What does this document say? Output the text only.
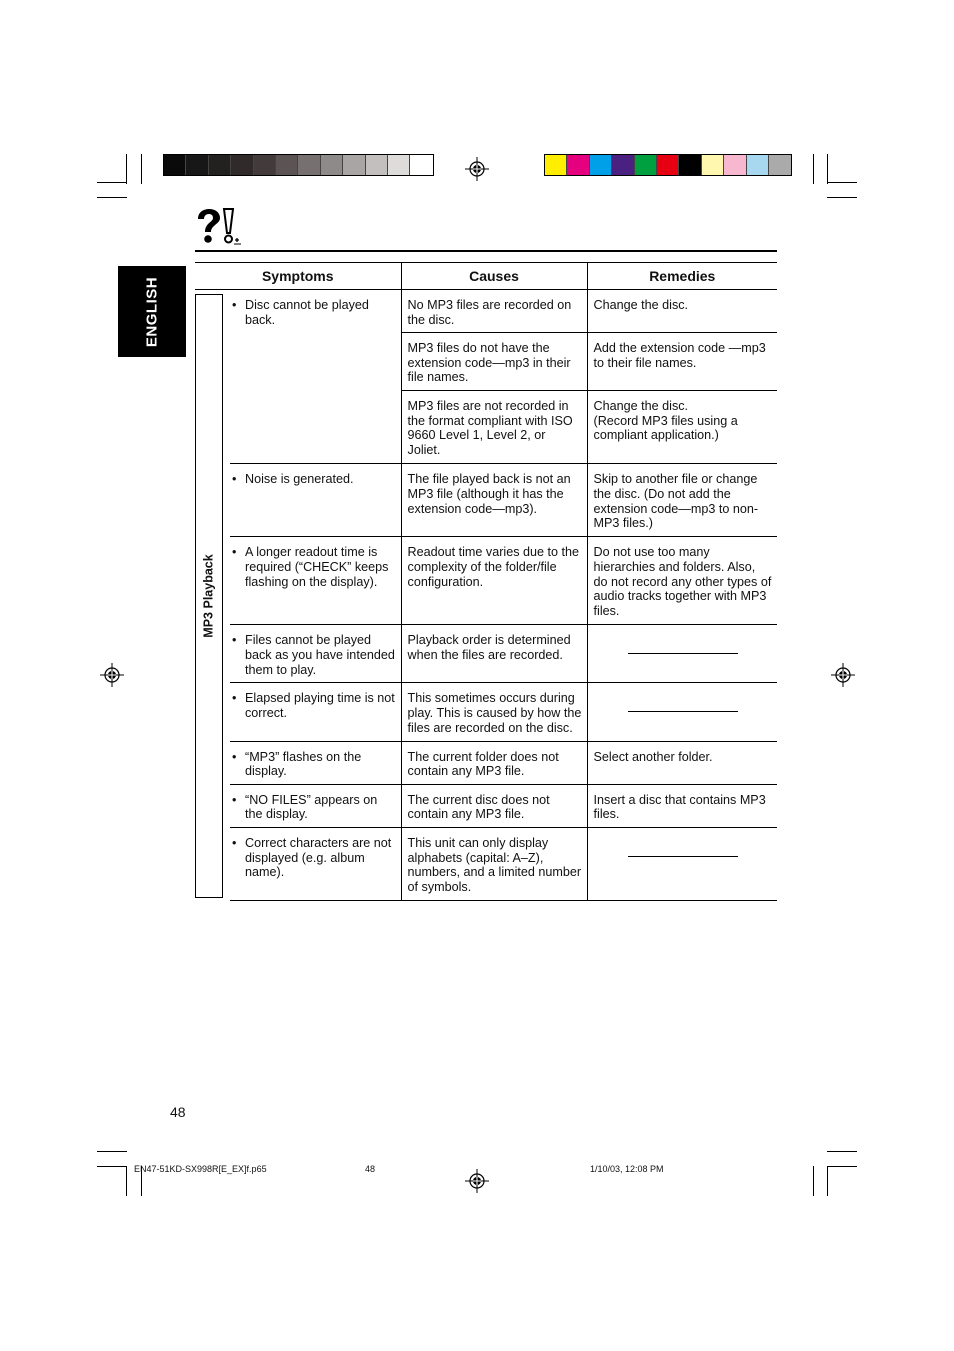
ENGLISH
Symptoms		Causes	Remedies

MP3 Playback	• Disc cannot be played back.	No MP3 files are recorded on the disc.	Change the disc.

		MP3 files do not have the extension code—mp3 in their file names.	Add the extension code —mp3 to their file names.

		MP3 files are not recorded in the format compliant with ISO 9660 Level 1, Level 2, or Joliet.	Change the disc.
(Record MP3 files using a compliant application.)

	• Noise is generated.	The file played back is not an MP3 file (although it has the extension code—mp3).	Skip to another file or change the disc. (Do not add the extension code—mp3 to non-MP3 files.)

	• A longer readout time is required (“CHECK” keeps flashing on the display).	Readout time varies due to the complexity of the folder/file configuration.	Do not use too many hierarchies and folders. Also, do not record any other types of audio tracks together with MP3 files.

	• Files cannot be played back as you have intended them to play.	Playback order is determined when the files are recorded.	

	• Elapsed playing time is not correct.	This sometimes occurs during play. This is caused by how the files are recorded on the disc.	

	• “MP3” flashes on the display.	The current folder does not contain any MP3 file.	Select another folder.

	• “NO FILES” appears on the display.	The current disc does not contain any MP3 file.	Insert a disc that contains MP3 files.

	• Correct characters are not displayed (e.g. album name).	This unit can only display alphabets (capital: A–Z), numbers, and a limited number of symbols.	
48
EN47-51KD-SX998R[E_EX]f.p65	48	1/10/03, 12:08 PM
